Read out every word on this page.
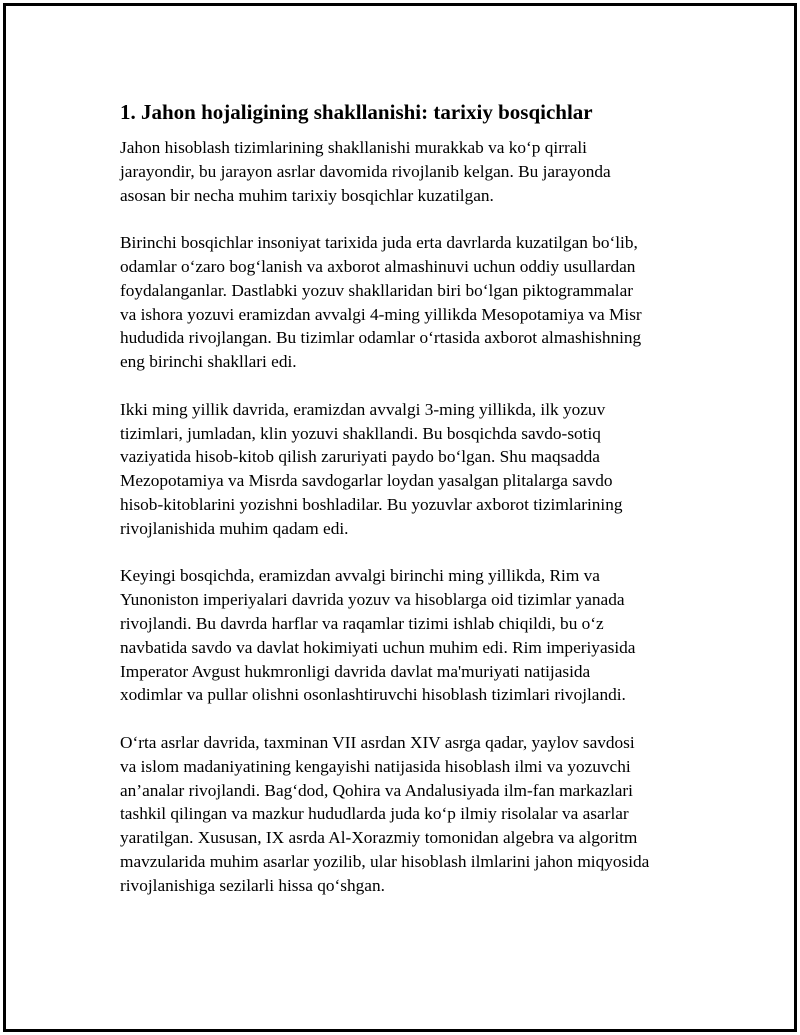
1. Jahon hojaligining shakllanishi: tarixiy bosqichlar

Jahon hisoblash tizimlarining shakllanishi murakkab va ko‘p qirrali
jarayondir, bu jarayon asrlar davomida rivojlanib kelgan. Bu jarayonda
asosan bir necha muhim tarixiy bosqichlar kuzatilgan.

Birinchi bosqichlar insoniyat tarixida juda erta davrlarda kuzatilgan bo‘lib,
odamlar o‘zaro bog‘lanish va axborot almashinuvi uchun oddiy usullardan
foydalanganlar. Dastlabki yozuv shakllaridan biri bo‘lgan piktogrammalar
va ishora yozuvi eramizdan avvalgi 4-ming yillikda Mesopotamiya va Misr
hududida rivojlangan. Bu tizimlar odamlar o‘rtasida axborot almashishning
eng birinchi shakllari edi.

Ikki ming yillik davrida, eramizdan avvalgi 3-ming yillikda, ilk yozuv
tizimlari, jumladan, klin yozuvi shakllandi. Bu bosqichda savdo-sotiq
vaziyatida hisob-kitob qilish zaruriyati paydo bo‘lgan. Shu maqsadda
Mezopotamiya va Misrda savdogarlar loydan yasalgan plitalarga savdo
hisob-kitoblarini yozishni boshladilar. Bu yozuvlar axborot tizimlarining
rivojlanishida muhim qadam edi.

Keyingi bosqichda, eramizdan avvalgi birinchi ming yillikda, Rim va
Yunoniston imperiyalari davrida yozuv va hisoblarga oid tizimlar yanada
rivojlandi. Bu davrda harflar va raqamlar tizimi ishlab chiqildi, bu o‘z
navbatida savdo va davlat hokimiyati uchun muhim edi. Rim imperiyasida
Imperator Avgust hukmronligi davrida davlat ma'muriyati natijasida
xodimlar va pullar olishni osonlashtiruvchi hisoblash tizimlari rivojlandi.

O‘rta asrlar davrida, taxminan VII asrdan XIV asrga qadar, yaylov savdosi
va islom madaniyatining kengayishi natijasida hisoblash ilmi va yozuvchi
an’analar rivojlandi. Bag‘dod, Qohira va Andalusiyada ilm-fan markazlari
tashkil qilingan va mazkur hududlarda juda ko‘p ilmiy risolalar va asarlar
yaratilgan. Xususan, IX asrda Al-Xorazmiy tomonidan algebra va algoritm
mavzularida muhim asarlar yozilib, ular hisoblash ilmlarini jahon miqyosida
rivojlanishiga sezilarli hissa qo‘shgan.
